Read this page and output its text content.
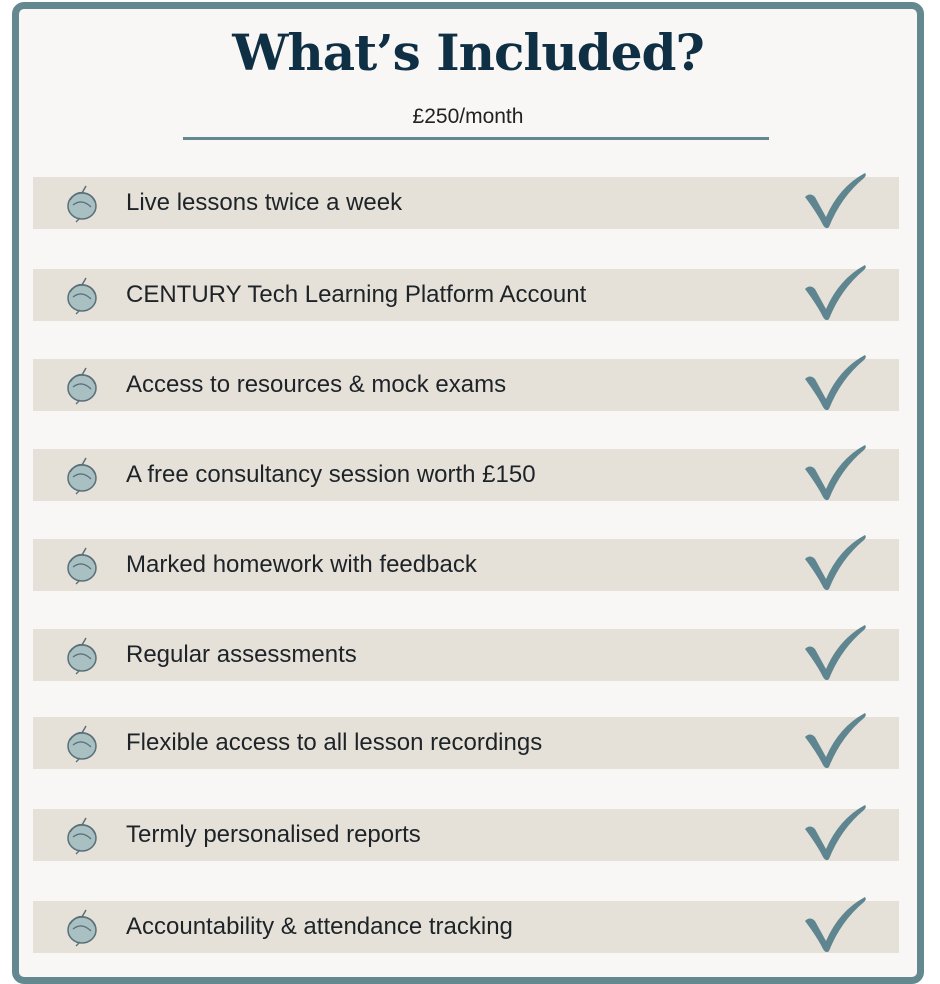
What’s Included?
£250/month
Live lessons twice a week
CENTURY Tech Learning Platform Account
Access to resources & mock exams
A free consultancy session worth £150
Marked homework with feedback
Regular assessments
Flexible access to all lesson recordings
Termly personalised reports
Accountability & attendance tracking
